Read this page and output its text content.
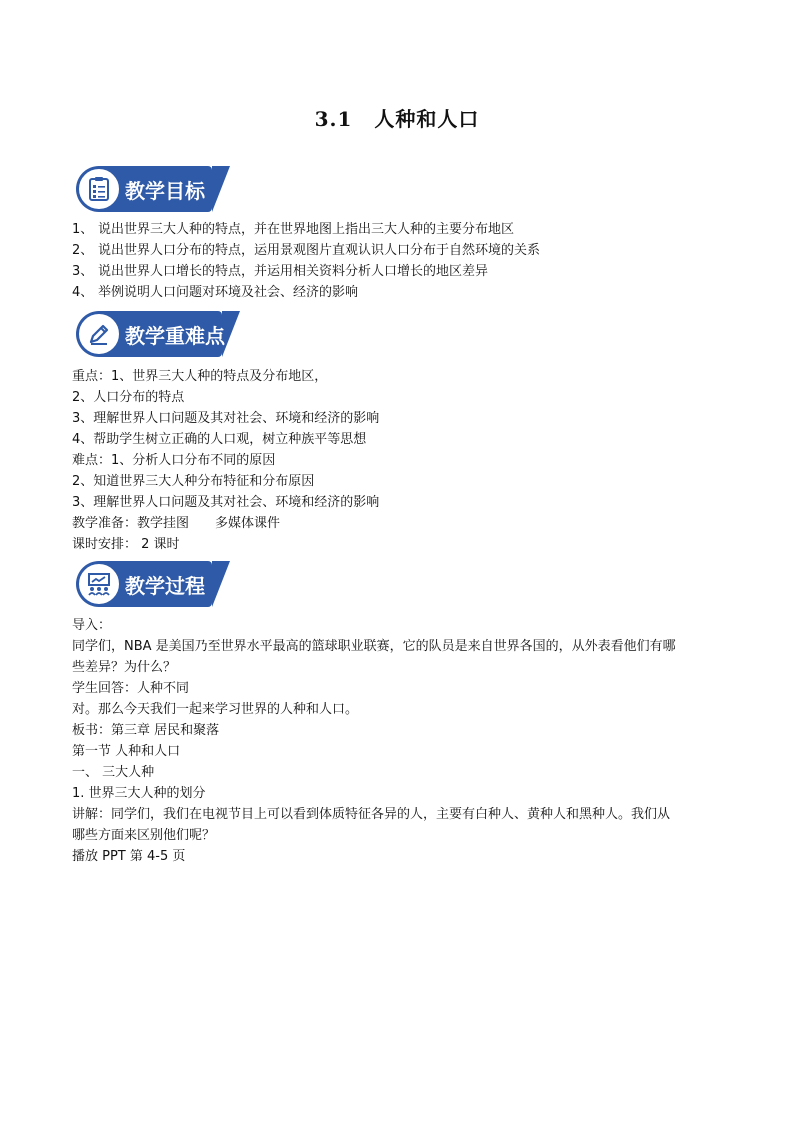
3.1 人种和人口
教学目标
1、 说出世界三大人种的特点，并在世界地图上指出三大人种的主要分布地区
2、 说出世界人口分布的特点，运用景观图片直观认识人口分布于自然环境的关系
3、 说出世界人口增长的特点，并运用相关资料分析人口增长的地区差异
4、 举例说明人口问题对环境及社会、经济的影响
教学重难点
重点：1、世界三大人种的特点及分布地区，
2、人口分布的特点
3、理解世界人口问题及其对社会、环境和经济的影响
4、帮助学生树立正确的人口观，树立种族平等思想
难点：1、分析人口分布不同的原因
2、知道世界三大人种分布特征和分布原因
3、理解世界人口问题及其对社会、环境和经济的影响
教学准备：教学挂图　　多媒体课件
课时安排： 2 课时
教学过程
导入：
同学们，NBA 是美国乃至世界水平最高的篮球职业联赛，它的队员是来自世界各国的，从外表看他们有哪
些差异？为什么？
学生回答：人种不同
对。那么今天我们一起来学习世界的人种和人口。
板书：第三章 居民和聚落
第一节 人种和人口
一、 三大人种
1. 世界三大人种的划分
讲解：同学们，我们在电视节目上可以看到体质特征各异的人，主要有白种人、黄种人和黑种人。我们从
哪些方面来区别他们呢？
播放 PPT 第 4-5 页
